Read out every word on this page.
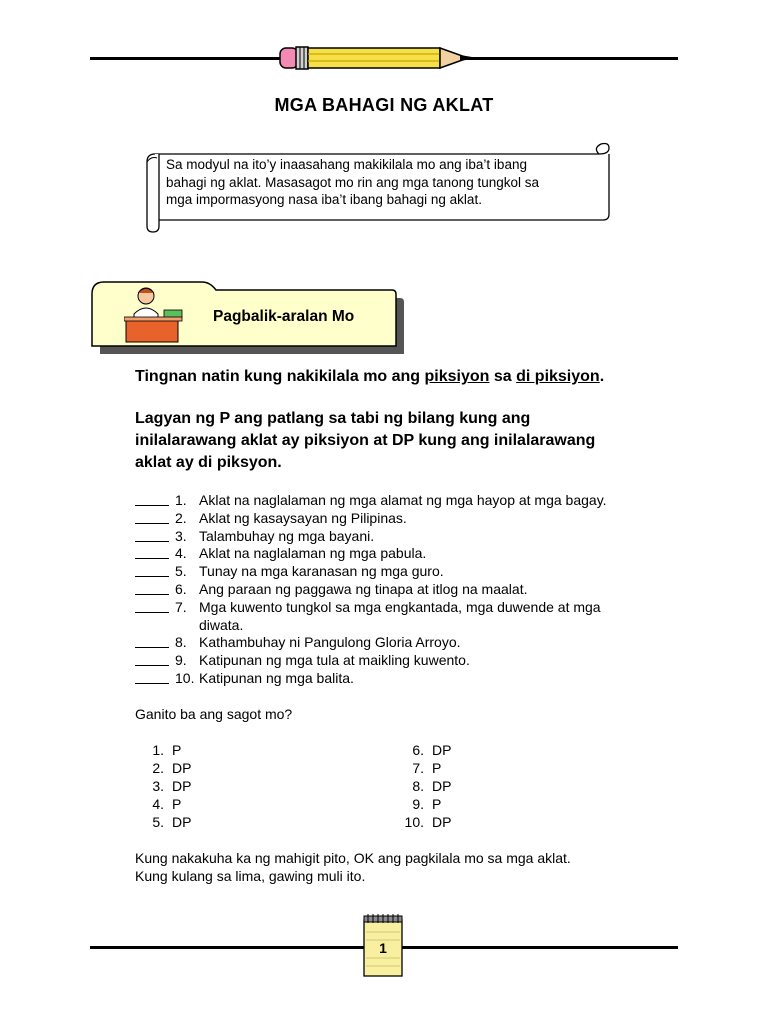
MGA BAHAGI NG AKLAT
Sa modyul na ito’y inaasahang makikilala mo ang iba’t ibang
bahagi ng aklat. Masasagot mo rin ang mga tanong tungkol sa
mga impormasyong nasa iba’t ibang bahagi ng aklat.
Pagbalik-aralan Mo
Tingnan natin kung nakikilala mo ang piksiyon sa di piksiyon.
Lagyan ng P ang patlang sa tabi ng bilang kung ang
inilalarawang aklat ay piksiyon at DP kung ang inilalarawang
aklat ay di piksyon.
1. Aklat na naglalaman ng mga alamat ng mga hayop at mga bagay.
2. Aklat ng kasaysayan ng Pilipinas.
3. Talambuhay ng mga bayani.
4. Aklat na naglalaman ng mga pabula.
5. Tunay na mga karanasan ng mga guro.
6. Ang paraan ng paggawa ng tinapa at itlog na maalat.
7. Mga kuwento tungkol sa mga engkantada, mga duwende at mga
diwata.
8. Kathambuhay ni Pangulong Gloria Arroyo.
9. Katipunan ng mga tula at maikling kuwento.
10. Katipunan ng mga balita.
Ganito ba ang sagot mo?
1. P
2. DP
3. DP
4. P
5. DP
6. DP
7. P
8. DP
9. P
10. DP
Kung nakakuha ka ng mahigit pito, OK ang pagkilala mo sa mga aklat.
Kung kulang sa lima, gawing muli ito.
1
